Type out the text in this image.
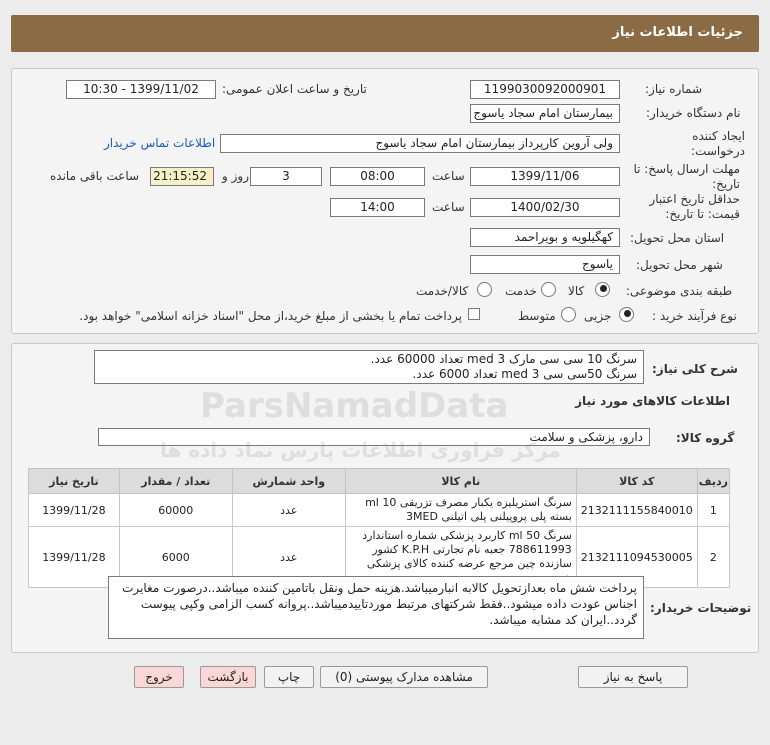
جزئیات اطلاعات نیاز
شماره نیاز:
1199030092000901
تاریخ و ساعت اعلان عمومی:
1399/11/02 - 10:30
نام دستگاه خریدار:
بیمارستان امام سجاد یاسوج
ایجاد کننده درخواست:
ولی آروین کارپرداز بیمارستان امام سجاد یاسوج
اطلاعات تماس خریدار
مهلت ارسال پاسخ: تا تاریخ:
1399/11/06
ساعت
08:00
3
روز و
21:15:52
ساعت باقی مانده
حداقل تاریخ اعتبار قیمت: تا تاریخ:
1400/02/30
ساعت
14:00
استان محل تحویل:
کهگیلویه و بویراحمد
شهر محل تحویل:
یاسوج
طبقه بندی موضوعی:
کالا
خدمت
کالا/خدمت
نوع فرآیند خرید :
جزیی
متوسط
پرداخت تمام یا بخشی از مبلغ خرید،از محل "اسناد خزانه اسلامی" خواهد بود.
شرح کلی نیاز:
سرنگ 10 سی سی مارک med 3 تعداد 60000 عدد.
سرنگ 50سی سی med 3 تعداد 6000 عدد.
اطلاعات کالاهای مورد نیاز
گروه کالا:
دارو، پزشکی و سلامت
ردیف	کد کالا	نام کالا	واحد شمارش	تعداد / مقدار	تاریخ نیاز
1	2132111155840010	سرنگ استریلیزه یکبار مصرف تزریقی ml 10 بسته پلی پروپیلنی پلی اتیلنی 3MED	عدد	60000	1399/11/28
2	2132111094530005	سرنگ ml 50 کاربرد پزشکی شماره استاندارد 788611993 جعبه نام تجارتی K.P.H کشور سازنده چین مرجع عرضه کننده کالای پزشکی	عدد	6000	1399/11/28
توضیحات خریدار:
پرداخت شش ماه بعدازتحویل کالابه انبارمیباشد.هزینه حمل ونقل باتامین کننده میباشد..درصورت مغایرت اجناس عودت داده میشود..فقط شرکتهای مرتبط موردتاییدمیباشد..پروانه کسب الزامی وکپی پیوست گردد..ایران کد مشابه میباشد.
ParsNamadData
مرکز فراوری اطلاعات پارس نماد داده ها
پاسخ به نیاز
مشاهده مدارک پیوستی (0)
چاپ
بازگشت
خروج
